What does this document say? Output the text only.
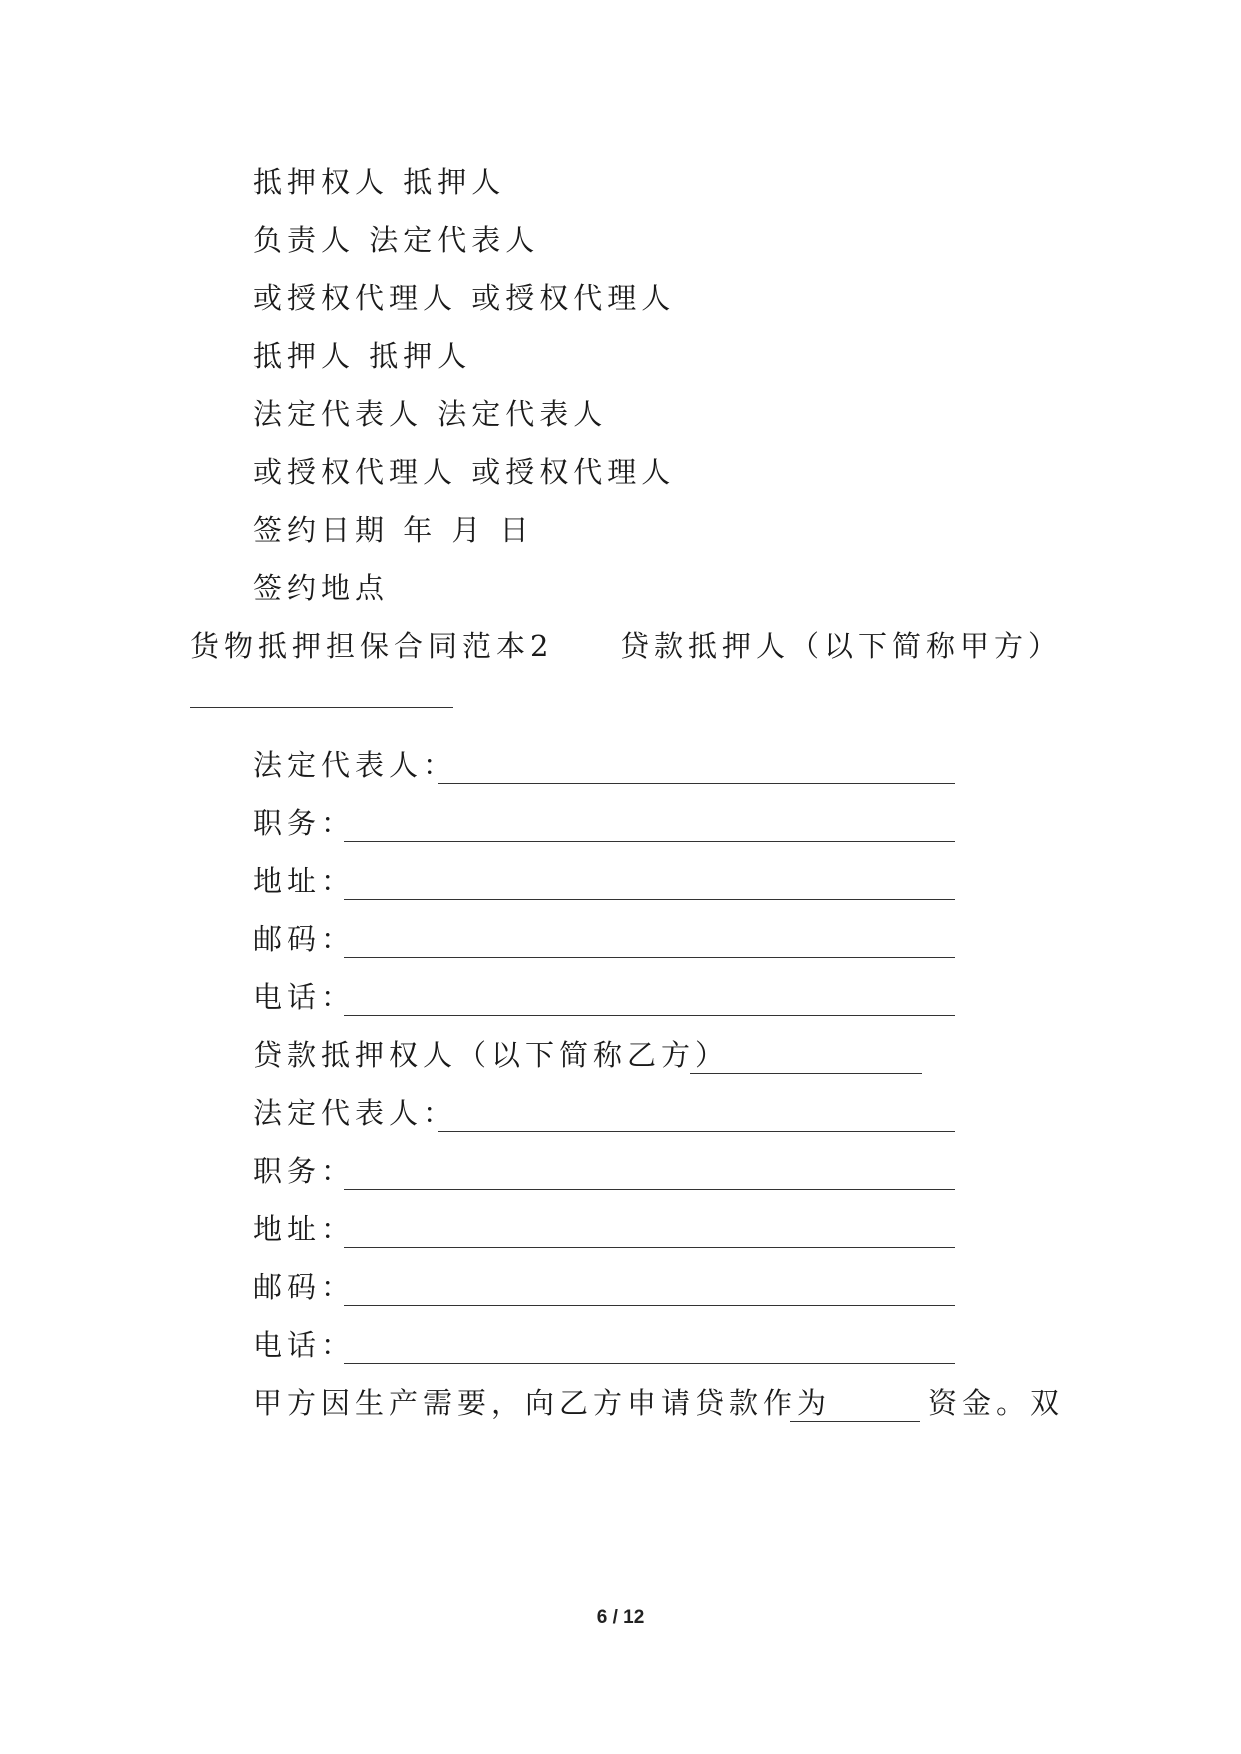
抵押权人 抵押人
负责人 法定代表人
或授权代理人 或授权代理人
抵押人 抵押人
法定代表人 法定代表人
或授权代理人 或授权代理人
签约日期 年 月 日
签约地点
货物抵押担保合同范本2 贷款抵押人（以下简称甲方）
法定代表人：
职务：
地址：
邮码：
电话：
贷款抵押权人（以下简称乙方）
法定代表人：
职务：
地址：
邮码：
电话：
甲方因生产需要，向乙方申请贷款作为	资金。双
6 / 12
